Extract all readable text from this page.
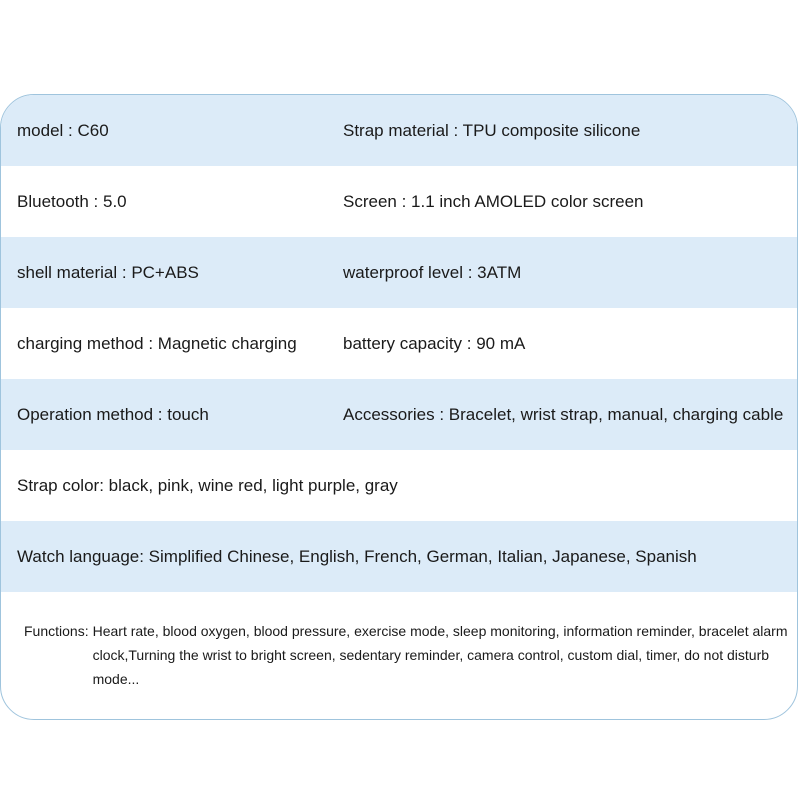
model : C60	Strap material : TPU composite silicone
Bluetooth : 5.0	Screen : 1.1 inch AMOLED color screen
shell material : PC+ABS	waterproof level : 3ATM
charging method : Magnetic charging	battery capacity : 90 mA
Operation method : touch	Accessories : Bracelet, wrist strap, manual, charging cable
Strap color: black, pink, wine red, light purple, gray
Watch language: Simplified Chinese, English, French, German, Italian, Japanese, Spanish
Functions: Heart rate, blood oxygen, blood pressure, exercise mode, sleep monitoring, information reminder, bracelet alarm clock,Turning the wrist to bright screen, sedentary reminder, camera control, custom dial, timer, do not disturb mode...
